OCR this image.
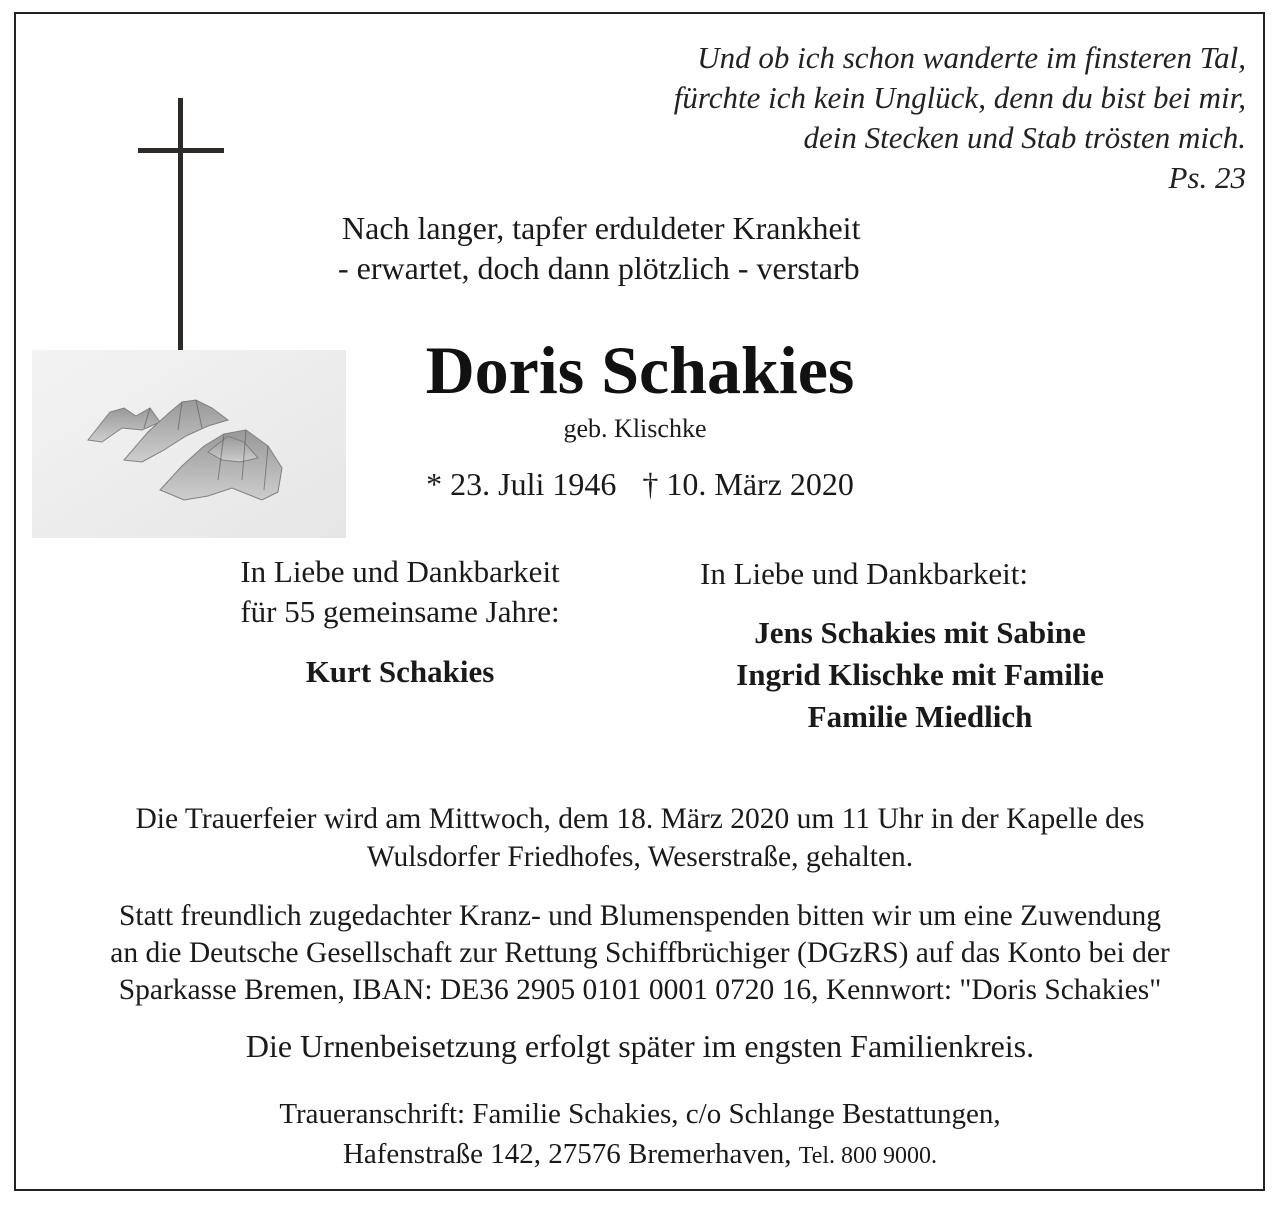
Und ob ich schon wanderte im finsteren Tal,
fürchte ich kein Unglück, denn du bist bei mir,
dein Stecken und Stab trösten mich.
Ps. 23
Nach langer, tapfer erduldeter Krankheit
- erwartet, doch dann plötzlich - verstarb
Doris Schakies
geb. Klischke
* 23. Juli 1946 † 10. März 2020
In Liebe und Dankbarkeit
für 55 gemeinsame Jahre:
Kurt Schakies
In Liebe und Dankbarkeit:
Jens Schakies mit Sabine
Ingrid Klischke mit Familie
Familie Miedlich
Die Trauerfeier wird am Mittwoch, dem 18. März 2020 um 11 Uhr in der Kapelle des
Wulsdorfer Friedhofes, Weserstraße, gehalten.
Statt freundlich zugedachter Kranz- und Blumenspenden bitten wir um eine Zuwendung
an die Deutsche Gesellschaft zur Rettung Schiffbrüchiger (DGzRS) auf das Konto bei der
Sparkasse Bremen, IBAN: DE36 2905 0101 0001 0720 16, Kennwort: "Doris Schakies"
Die Urnenbeisetzung erfolgt später im engsten Familienkreis.
Traueranschrift: Familie Schakies, c/o Schlange Bestattungen,
Hafenstraße 142, 27576 Bremerhaven, Tel. 800 9000.
